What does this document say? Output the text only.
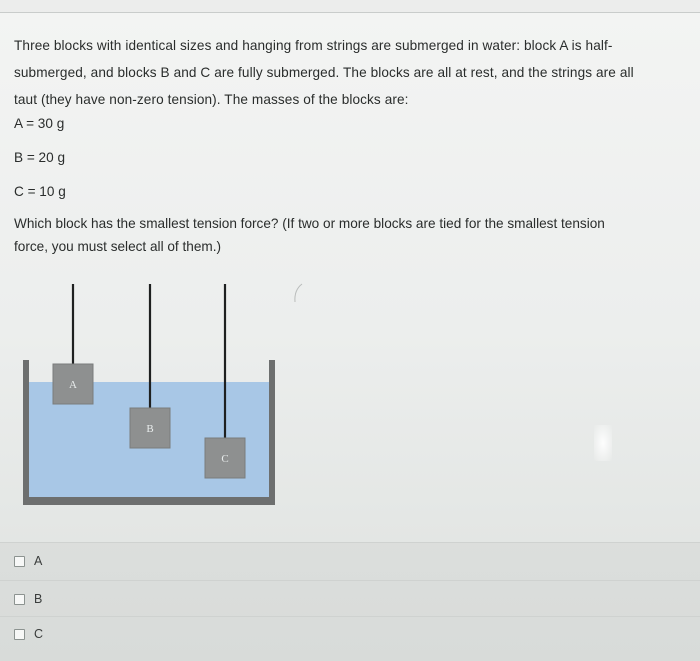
Three blocks with identical sizes and hanging from strings are submerged in water: block A is half-
submerged, and blocks B and C are fully submerged. The blocks are all at rest, and the strings are all
taut (they have non-zero tension). The masses of the blocks are:
A = 30 g
B = 20 g
C = 10 g
Which block has the smallest tension force? (If two or more blocks are tied for the smallest tension
force, you must select all of them.)
A
B
C
A
B
C
